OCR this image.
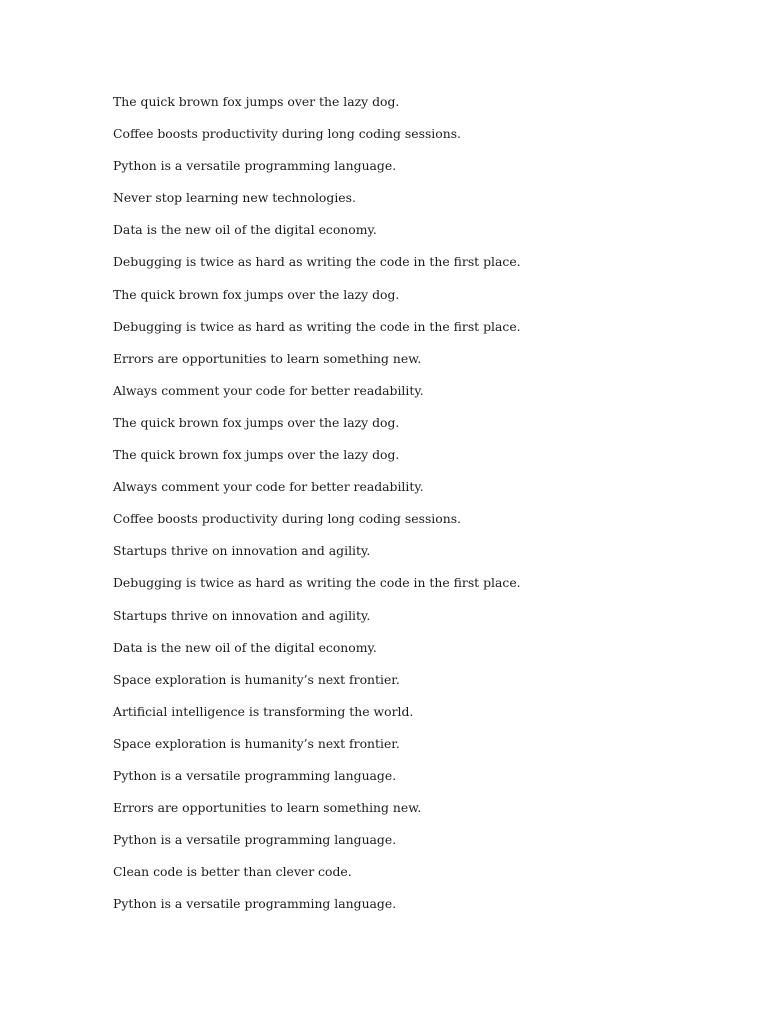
The quick brown fox jumps over the lazy dog.
Coffee boosts productivity during long coding sessions.
Python is a versatile programming language.
Never stop learning new technologies.
Data is the new oil of the digital economy.
Debugging is twice as hard as writing the code in the first place.
The quick brown fox jumps over the lazy dog.
Debugging is twice as hard as writing the code in the first place.
Errors are opportunities to learn something new.
Always comment your code for better readability.
The quick brown fox jumps over the lazy dog.
The quick brown fox jumps over the lazy dog.
Always comment your code for better readability.
Coffee boosts productivity during long coding sessions.
Startups thrive on innovation and agility.
Debugging is twice as hard as writing the code in the first place.
Startups thrive on innovation and agility.
Data is the new oil of the digital economy.
Space exploration is humanity’s next frontier.
Artificial intelligence is transforming the world.
Space exploration is humanity’s next frontier.
Python is a versatile programming language.
Errors are opportunities to learn something new.
Python is a versatile programming language.
Clean code is better than clever code.
Python is a versatile programming language.
